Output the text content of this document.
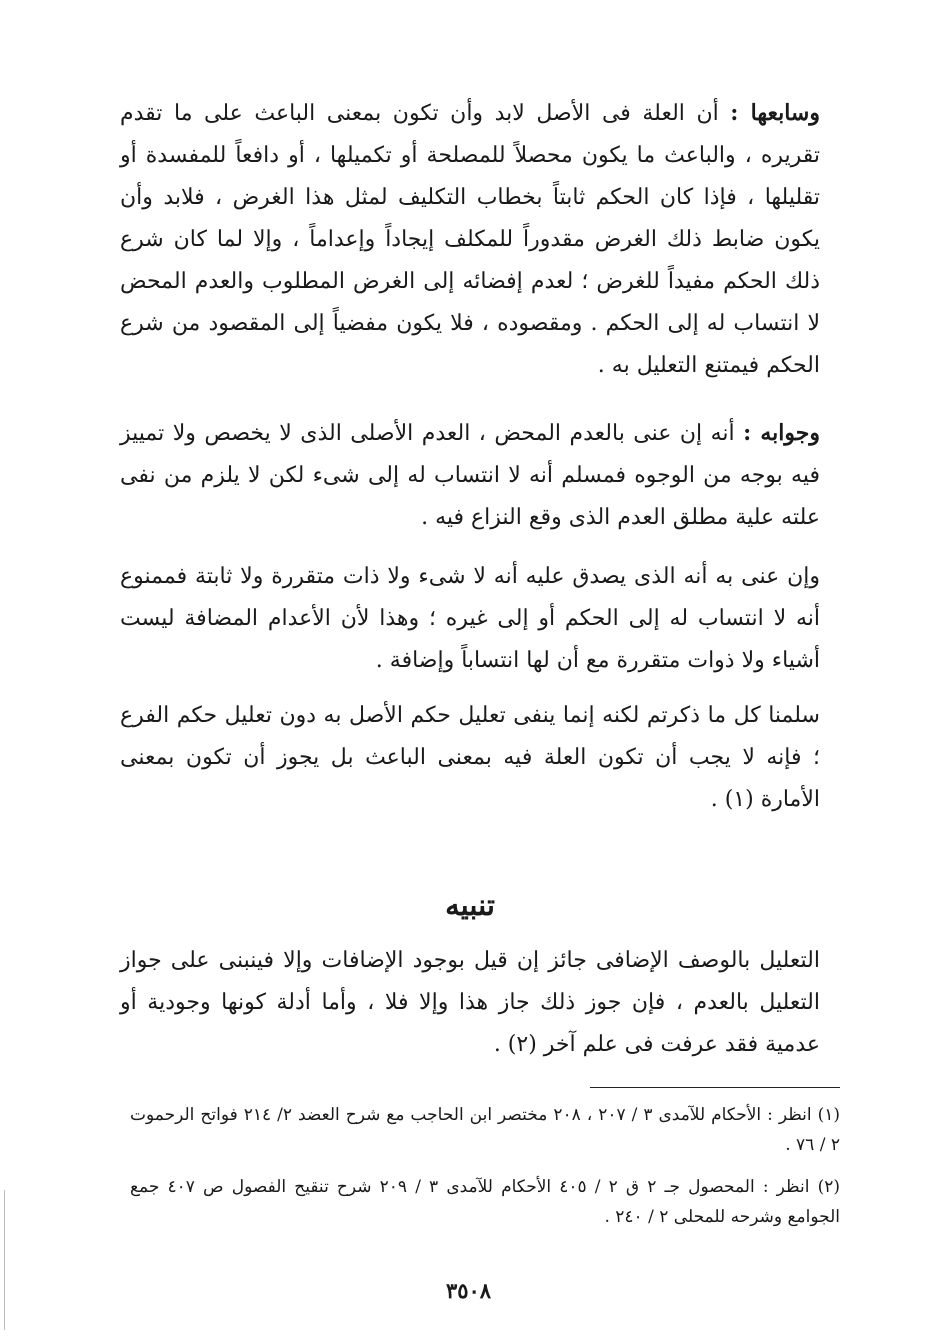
وسابعها : أن العلة فى الأصل لابد وأن تكون بمعنى الباعث على ما تقدم تقريره ، والباعث ما يكون محصلاً للمصلحة أو تكميلها ، أو دافعاً للمفسدة أو تقليلها ، فإذا كان الحكم ثابتاً بخطاب التكليف لمثل هذا الغرض ، فلابد وأن يكون ضابط ذلك الغرض مقدوراً للمكلف إيجاداً وإعداماً ، وإلا لما كان شرع ذلك الحكم مفيداً للغرض ؛ لعدم إفضائه إلى الغرض المطلوب والعدم المحض لا انتساب له إلى الحكم . ومقصوده ، فلا يكون مفضياً إلى المقصود من شرع الحكم فيمتنع التعليل به .
وجوابه : أنه إن عنى بالعدم المحض ، العدم الأصلى الذى لا يخصص ولا تمييز فيه بوجه من الوجوه فمسلم أنه لا انتساب له إلى شىء لكن لا يلزم من نفى علته علية مطلق العدم الذى وقع النزاع فيه .
وإن عنى به أنه الذى يصدق عليه أنه لا شىء ولا ذات متقررة ولا ثابتة فممنوع أنه لا انتساب له إلى الحكم أو إلى غيره ؛ وهذا لأن الأعدام المضافة ليست أشياء ولا ذوات متقررة مع أن لها انتساباً وإضافة .
سلمنا كل ما ذكرتم لكنه إنما ينفى تعليل حكم الأصل به دون تعليل حكم الفرع ؛ فإنه لا يجب أن تكون العلة فيه بمعنى الباعث بل يجوز أن تكون بمعنى الأمارة (١) .
تنبيه
التعليل بالوصف الإضافى جائز إن قيل بوجود الإضافات وإلا فينبنى على جواز التعليل بالعدم ، فإن جوز ذلك جاز هذا وإلا فلا ، وأما أدلة كونها وجودية أو عدمية فقد عرفت فى علم آخر (٢) .
(١) انظر : الأحكام للآمدى ٣ / ٢٠٧ ، ٢٠٨ مختصر ابن الحاجب مع شرح العضد ٢/ ٢١٤ فواتح الرحموت ٢ / ٧٦ .
(٢) انظر : المحصول جـ ٢ ق ٢ / ٤٠٥ الأحكام للآمدى ٣ / ٢٠٩ شرح تنقيح الفصول ص ٤٠٧ جمع الجوامع وشرحه للمحلى ٢ / ٢٤٠ .
٣٥٠٨
